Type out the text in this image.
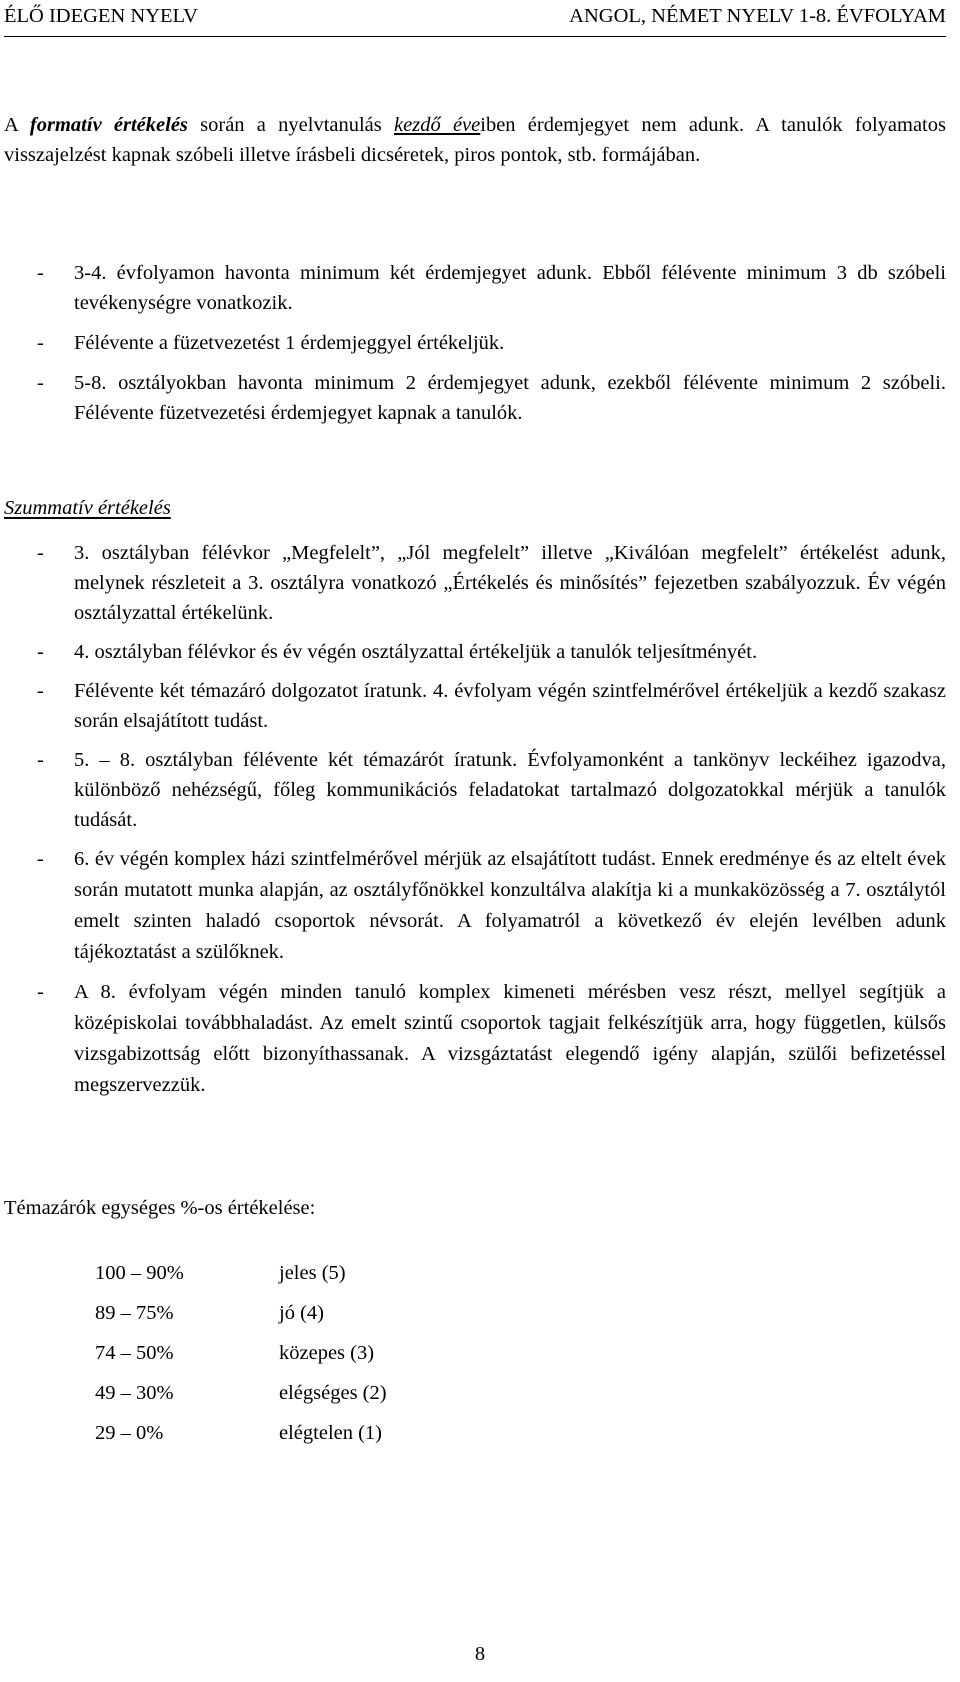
ÉLŐ IDEGEN NYELV	ANGOL, NÉMET NYELV 1-8. ÉVFOLYAM

A formatív értékelés során a nyelvtanulás kezdő éveiben érdemjegyet nem adunk. A tanulók folyamatos visszajelzést kapnak szóbeli illetve írásbeli dicséretek, piros pontok, stb. formájában.

-	3-4. évfolyamon havonta minimum két érdemjegyet adunk. Ebből félévente minimum 3 db szóbeli tevékenységre vonatkozik.
-	Félévente a füzetvezetést 1 érdemjeggyel értékeljük.
-	5-8. osztályokban havonta minimum 2 érdemjegyet adunk, ezekből félévente minimum 2 szóbeli. Félévente füzetvezetési érdemjegyet kapnak a tanulók.
Szummatív értékelés
-	3. osztályban félévkor „Megfelelt”, „Jól megfelelt” illetve „Kiválóan megfelelt” értékelést adunk, melynek részleteit a 3. osztályra vonatkozó „Értékelés és minősítés” fejezetben szabályozzuk. Év végén osztályzattal értékelünk.
-	4. osztályban félévkor és év végén osztályzattal értékeljük a tanulók teljesítményét.
-	Félévente két témazáró dolgozatot íratunk. 4. évfolyam végén szintfelmérővel értékeljük a kezdő szakasz során elsajátított tudást.
-	5. – 8. osztályban félévente két témazárót íratunk. Évfolyamonként a tankönyv leckéihez igazodva, különböző nehézségű, főleg kommunikációs feladatokat tartalmazó dolgozatokkal mérjük a tanulók tudását.
-	6. év végén komplex házi szintfelmérővel mérjük az elsajátított tudást. Ennek eredménye és az eltelt évek során mutatott munka alapján, az osztályfőnökkel konzultálva alakítja ki a munkaközösség a 7. osztálytól emelt szinten haladó csoportok névsorát. A folyamatról a következő év elején levélben adunk tájékoztatást a szülőknek.
-	A 8. évfolyam végén minden tanuló komplex kimeneti mérésben vesz részt, mellyel segítjük a középiskolai továbbhaladást. Az emelt szintű csoportok tagjait felkészítjük arra, hogy független, külsős vizsgabizottság előtt bizonyíthassanak. A vizsgáztatást elegendő igény alapján, szülői befizetéssel megszervezzük.
Témazárók egységes %-os értékelése:
100 – 90%	jeles (5)
89 – 75%	jó (4)
74 – 50%	közepes (3)
49 – 30%	elégséges (2)
29 – 0%	elégtelen (1)
8
